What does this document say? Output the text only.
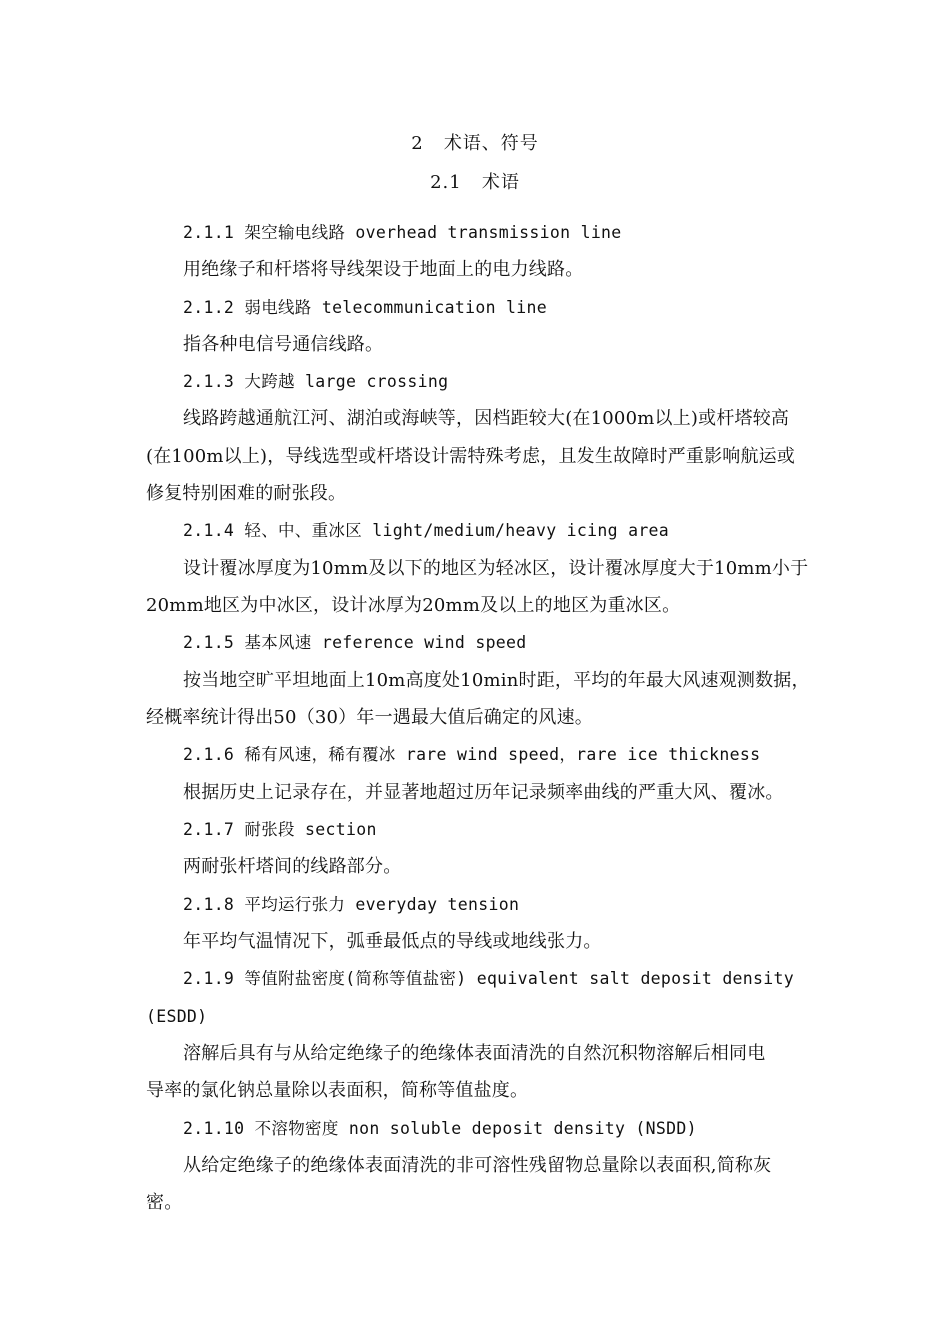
2 术语、符号
2.1 术语
2.1.1 架空输电线路 overhead transmission line
用绝缘子和杆塔将导线架设于地面上的电力线路。
2.1.2 弱电线路 telecommunication line
指各种电信号通信线路。
2.1.3 大跨越 large crossing
线路跨越通航江河、湖泊或海峡等，因档距较大(在1000m以上)或杆塔较高
(在100m以上)，导线选型或杆塔设计需特殊考虑，且发生故障时严重影响航运或
修复特别困难的耐张段。
2.1.4 轻、中、重冰区 light/medium/heavy icing area
设计覆冰厚度为10mm及以下的地区为轻冰区，设计覆冰厚度大于10mm小于
20mm地区为中冰区，设计冰厚为20mm及以上的地区为重冰区。
2.1.5 基本风速 reference wind speed
按当地空旷平坦地面上10m高度处10min时距，平均的年最大风速观测数据，
经概率统计得出50（30）年一遇最大值后确定的风速。
2.1.6 稀有风速，稀有覆冰 rare wind speed，rare ice thickness
根据历史上记录存在，并显著地超过历年记录频率曲线的严重大风、覆冰。
2.1.7 耐张段 section
两耐张杆塔间的线路部分。
2.1.8 平均运行张力 everyday tension
年平均气温情况下，弧垂最低点的导线或地线张力。
2.1.9 等值附盐密度(简称等值盐密) equivalent salt deposit density
(ESDD)
溶解后具有与从给定绝缘子的绝缘体表面清洗的自然沉积物溶解后相同电
导率的氯化钠总量除以表面积，简称等值盐度。
2.1.10 不溶物密度 non soluble deposit density (NSDD)
从给定绝缘子的绝缘体表面清洗的非可溶性残留物总量除以表面积,简称灰
密。
